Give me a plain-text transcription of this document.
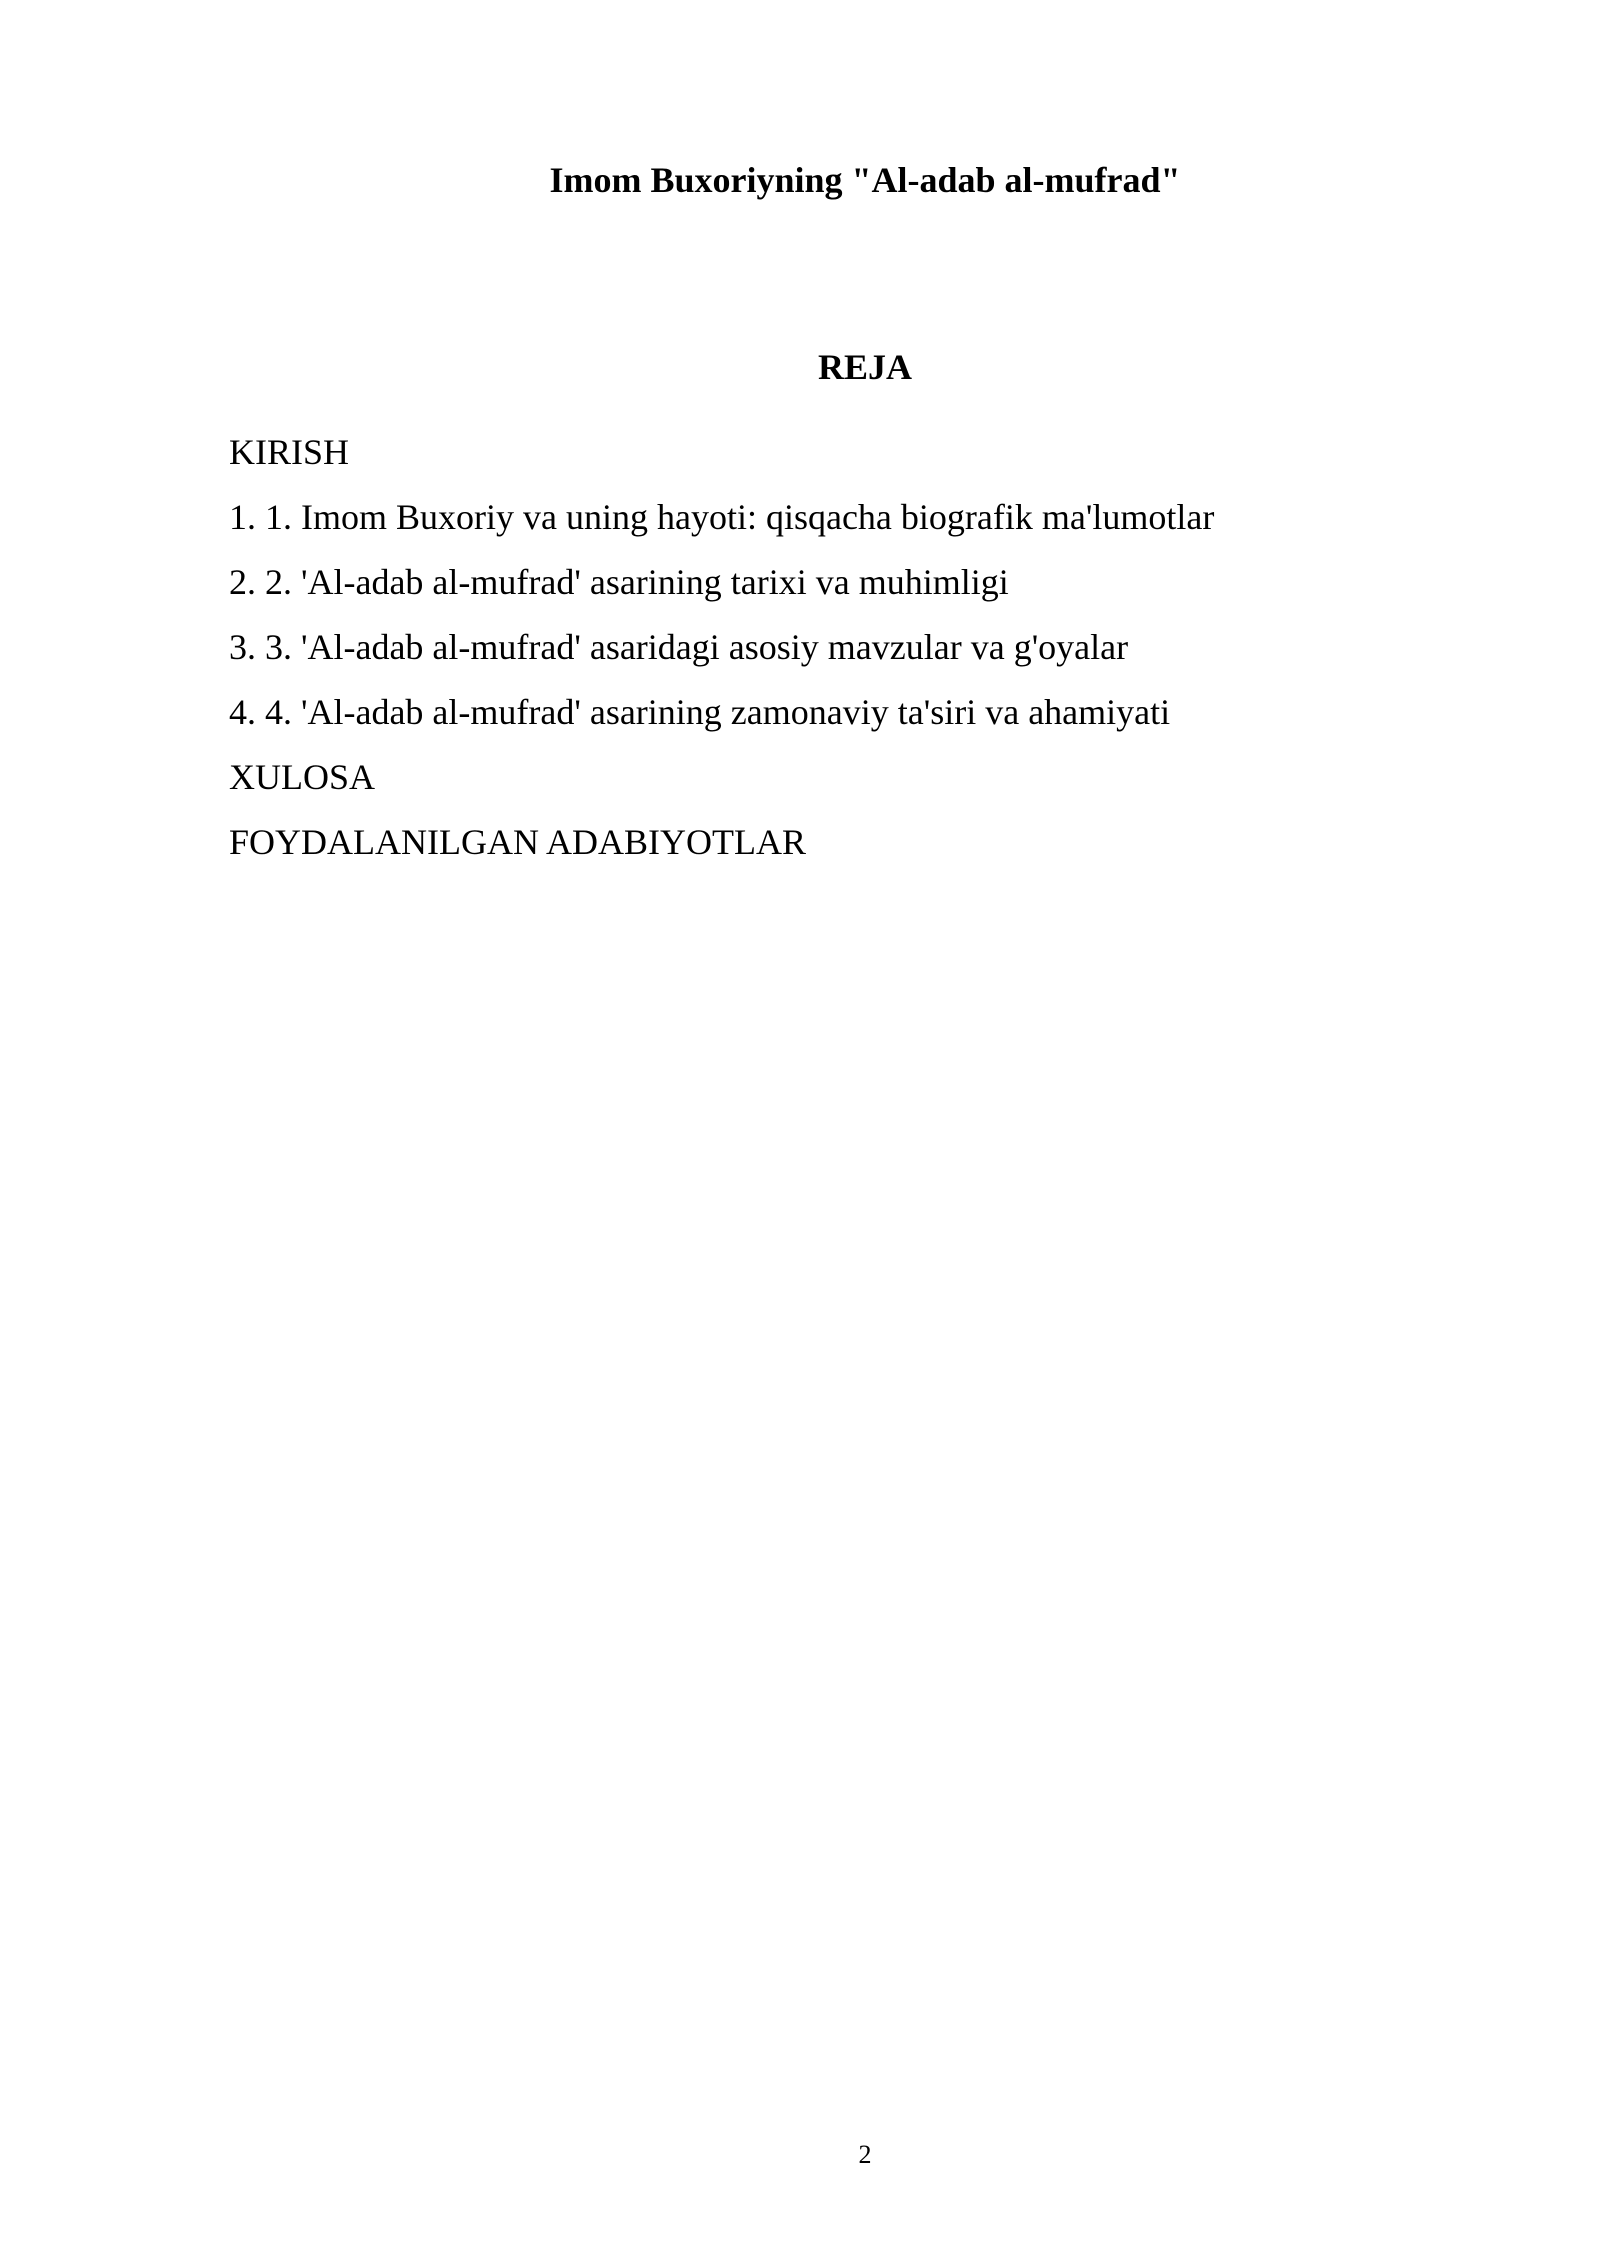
Imom Buxoriyning "Al-adab al-mufrad"
REJA
KIRISH
1. 1. Imom Buxoriy va uning hayoti: qisqacha biografik ma'lumotlar
2. 2. 'Al-adab al-mufrad' asarining tarixi va muhimligi
3. 3. 'Al-adab al-mufrad' asaridagi asosiy mavzular va g'oyalar
4. 4. 'Al-adab al-mufrad' asarining zamonaviy ta'siri va ahamiyati
XULOSA
FOYDALANILGAN ADABIYOTLAR
2
